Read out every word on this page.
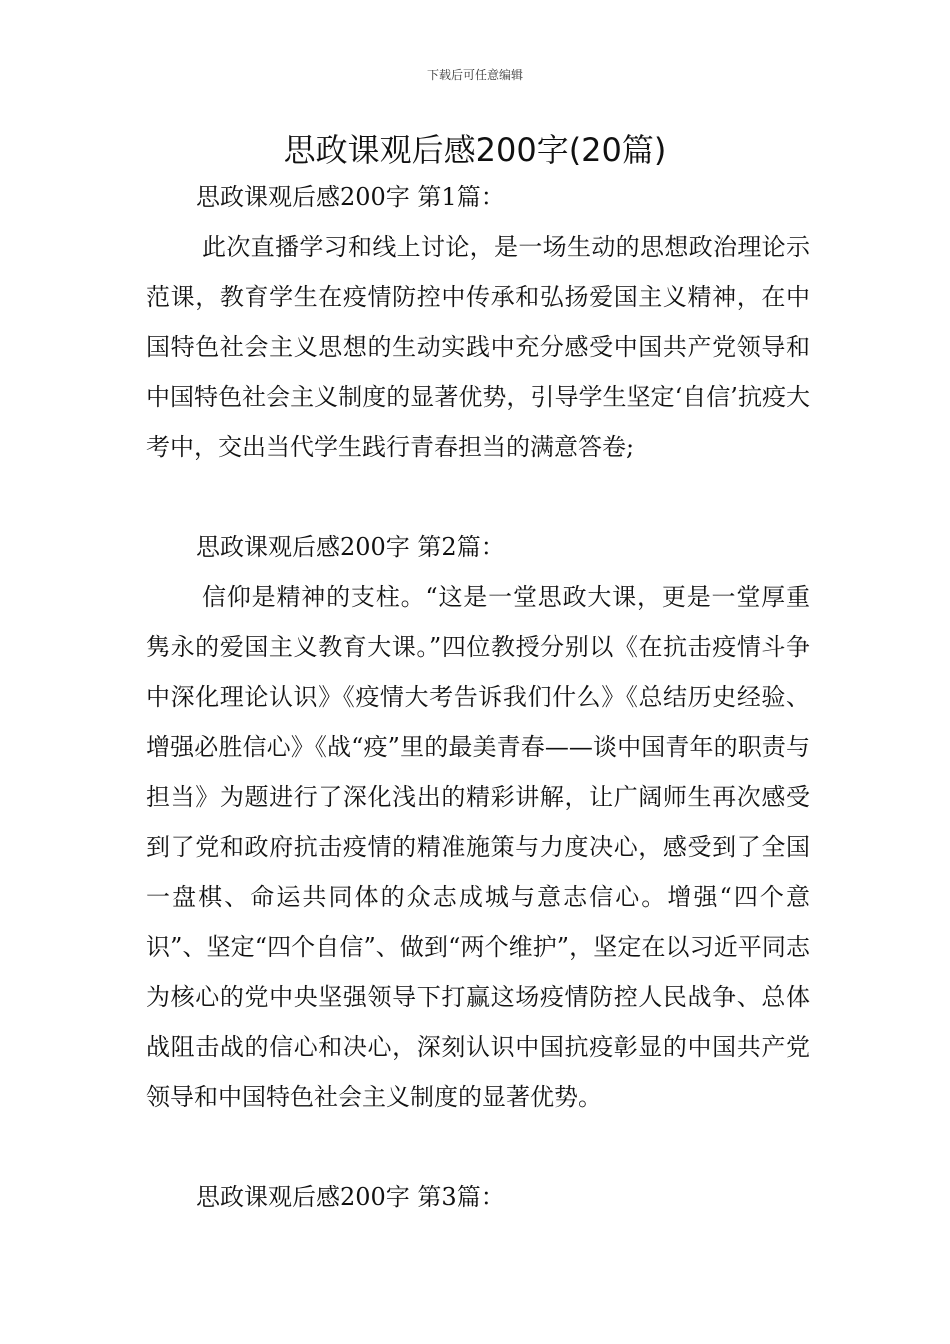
下载后可任意编辑
思政课观后感200字(20篇)

思政课观后感200字 第1篇：

此次直播学习和线上讨论，是一场生动的思想政治理论示范课，教育学生在疫情防控中传承和弘扬爱国主义精神，在中国特色社会主义思想的生动实践中充分感受中国共产党领导和中国特色社会主义制度的显著优势，引导学生坚定‘自信’抗疫大考中，交出当代学生践行青春担当的满意答卷;

思政课观后感200字 第2篇：

信仰是精神的支柱。“这是一堂思政大课，更是一堂厚重隽永的爱国主义教育大课。”四位教授分别以《在抗击疫情斗争中深化理论认识》《疫情大考告诉我们什么》《总结历史经验、增强必胜信心》《战“疫”里的最美青春——谈中国青年的职责与担当》为题进行了深化浅出的精彩讲解，让广阔师生再次感受到了党和政府抗击疫情的精准施策与力度决心，感受到了全国一盘棋、命运共同体的众志成城与意志信心。增强“四个意识”、坚定“四个自信”、做到“两个维护”，坚定在以习近平同志为核心的党中央坚强领导下打赢这场疫情防控人民战争、总体战阻击战的信心和决心，深刻认识中国抗疫彰显的中国共产党领导和中国特色社会主义制度的显著优势。

思政课观后感200字 第3篇：
